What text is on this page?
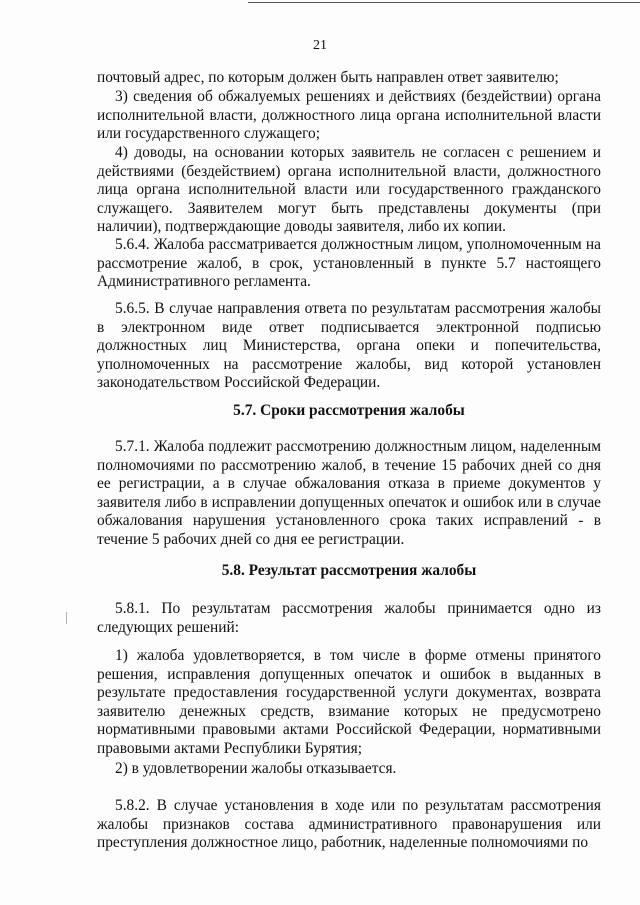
21
почтовый адрес, по которым должен быть направлен ответ заявителю;
3) сведения об обжалуемых решениях и действиях (бездействии) органа исполнительной власти, должностного лица органа исполнительной власти или государственного служащего;
4) доводы, на основании которых заявитель не согласен с решением и действиями (бездействием) органа исполнительной власти, должностного лица органа исполнительной власти или государственного гражданского служащего. Заявителем могут быть представлены документы (при наличии), подтверждающие доводы заявителя, либо их копии.
5.6.4. Жалоба рассматривается должностным лицом, уполномоченным на рассмотрение жалоб, в срок, установленный в пункте 5.7 настоящего Административного регламента.
5.6.5. В случае направления ответа по результатам рассмотрения жалобы в электронном виде ответ подписывается электронной подписью должностных лиц Министерства, органа опеки и попечительства, уполномоченных на рассмотрение жалобы, вид которой установлен законодательством Российской Федерации.
5.7. Сроки рассмотрения жалобы
5.7.1. Жалоба подлежит рассмотрению должностным лицом, наделенным полномочиями по рассмотрению жалоб, в течение 15 рабочих дней со дня ее регистрации, а в случае обжалования отказа в приеме документов у заявителя либо в исправлении допущенных опечаток и ошибок или в случае обжалования нарушения установленного срока таких исправлений - в течение 5 рабочих дней со дня ее регистрации.
5.8. Результат рассмотрения жалобы
5.8.1. По результатам рассмотрения жалобы принимается одно из следующих решений:
1) жалоба удовлетворяется, в том числе в форме отмены принятого решения, исправления допущенных опечаток и ошибок в выданных в результате предоставления государственной услуги документах, возврата заявителю денежных средств, взимание которых не предусмотрено нормативными правовыми актами Российской Федерации, нормативными правовыми актами Республики Бурятия;
2) в удовлетворении жалобы отказывается.
5.8.2. В случае установления в ходе или по результатам рассмотрения жалобы признаков состава административного правонарушения или преступления должностное лицо, работник, наделенные полномочиями по
